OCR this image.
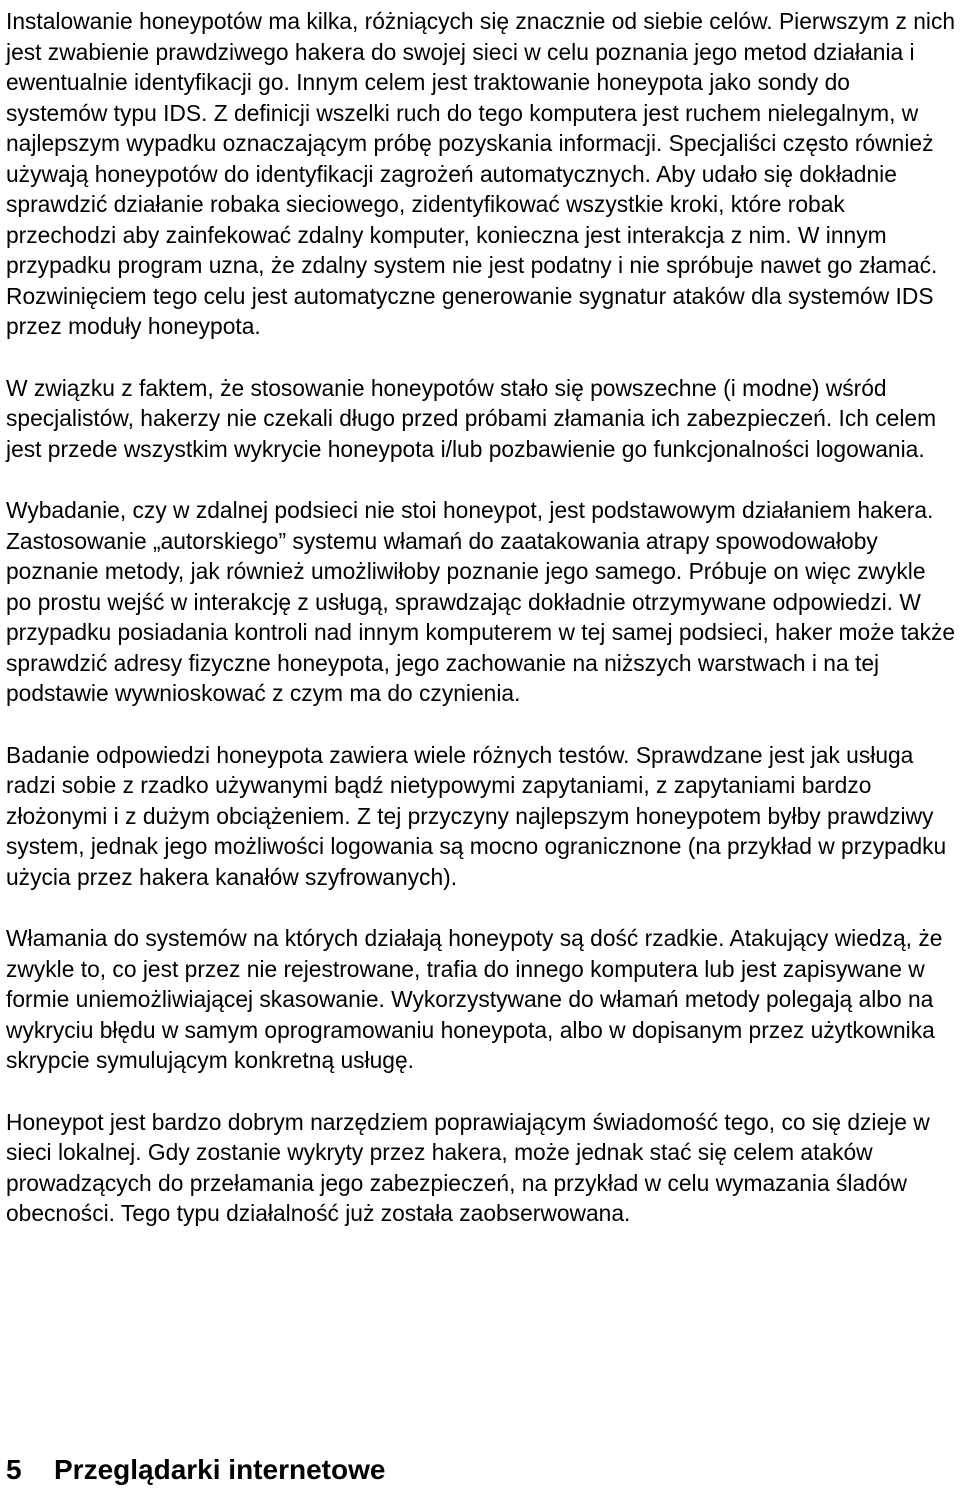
Instalowanie honeypotów ma kilka, różniących się znacznie od siebie celów. Pierwszym z nich jest zwabienie prawdziwego hakera do swojej sieci w celu poznania jego metod działania i ewentualnie identyfikacji go. Innym celem jest traktowanie honeypota jako sondy do systemów typu IDS. Z definicji wszelki ruch do tego komputera jest ruchem nielegalnym, w najlepszym wypadku oznaczającym próbę pozyskania informacji. Specjaliści często również używają honeypotów do identyfikacji zagrożeń automatycznych. Aby udało się dokładnie sprawdzić działanie robaka sieciowego, zidentyfikować wszystkie kroki, które robak przechodzi aby zainfekować zdalny komputer, konieczna jest interakcja z nim. W innym przypadku program uzna, że zdalny system nie jest podatny i nie spróbuje nawet go złamać. Rozwinięciem tego celu jest automatyczne generowanie sygnatur ataków dla systemów IDS przez moduły honeypota.

W związku z faktem, że stosowanie honeypotów stało się powszechne (i modne) wśród specjalistów, hakerzy nie czekali długo przed próbami złamania ich zabezpieczeń. Ich celem jest przede wszystkim wykrycie honeypota i/lub pozbawienie go funkcjonalności logowania.

Wybadanie, czy w zdalnej podsieci nie stoi honeypot, jest podstawowym działaniem hakera. Zastosowanie „autorskiego” systemu włamań do zaatakowania atrapy spowodowałoby poznanie metody, jak również umożliwiłoby poznanie jego samego. Próbuje on więc zwykle po prostu wejść w interakcję z usługą, sprawdzając dokładnie otrzymywane odpowiedzi. W przypadku posiadania kontroli nad innym komputerem w tej samej podsieci, haker może także sprawdzić adresy fizyczne honeypota, jego zachowanie na niższych warstwach i na tej podstawie wywnioskować z czym ma do czynienia.

Badanie odpowiedzi honeypota zawiera wiele różnych testów. Sprawdzane jest jak usługa radzi sobie z rzadko używanymi bądź nietypowymi zapytaniami, z zapytaniami bardzo złożonymi i z dużym obciążeniem. Z tej przyczyny najlepszym honeypotem byłby prawdziwy system, jednak jego możliwości logowania są mocno ogranicznone (na przykład w przypadku użycia przez hakera kanałów szyfrowanych).

Włamania do systemów na których działają honeypoty są dość rzadkie. Atakujący wiedzą, że zwykle to, co jest przez nie rejestrowane, trafia do innego komputera lub jest zapisywane w formie uniemożliwiającej skasowanie. Wykorzystywane do włamań metody polegają albo na wykryciu błędu w samym oprogramowaniu honeypota, albo w dopisanym przez użytkownika skrypcie symulującym konkretną usługę.

Honeypot jest bardzo dobrym narzędziem poprawiającym świadomość tego, co się dzieje w sieci lokalnej. Gdy zostanie wykryty przez hakera, może jednak stać się celem ataków prowadzących do przełamania jego zabezpieczeń, na przykład w celu wymazania śladów obecności. Tego typu działalność już została zaobserwowana.

5 Przeglądarki internetowe
